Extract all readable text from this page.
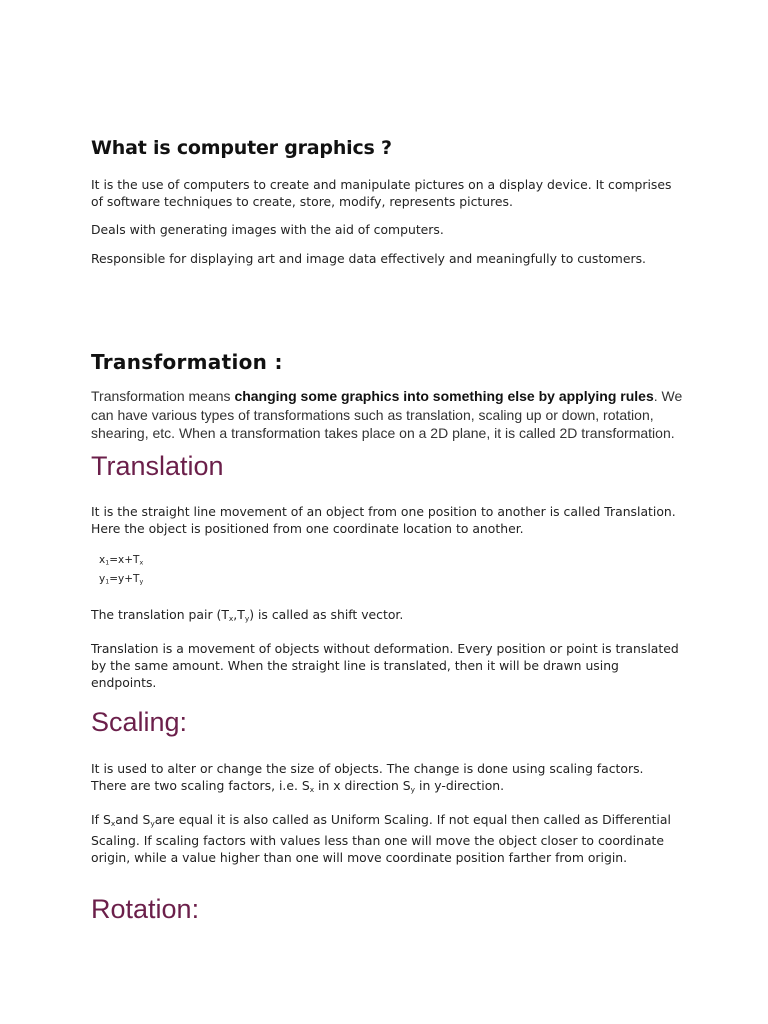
What is computer graphics ?

It is the use of computers to create and manipulate pictures on a display device. It comprises of software techniques to create, store, modify, represents pictures.

Deals with generating images with the aid of computers.

Responsible for displaying art and image data effectively and meaningfully to customers.

Transformation :

Transformation means changing some graphics into something else by applying rules. We can have various types of transformations such as translation, scaling up or down, rotation, shearing, etc. When a transformation takes place on a 2D plane, it is called 2D transformation.

Translation

It is the straight line movement of an object from one position to another is called Translation. Here the object is positioned from one coordinate location to another.

$x_1=x+T_x$
$y_1=y+T_y$

The translation pair $(T_x,T_y)$ is called as shift vector.

Translation is a movement of objects without deformation. Every position or point is translated by the same amount. When the straight line is translated, then it will be drawn using endpoints.

Scaling:

It is used to alter or change the size of objects. The change is done using scaling factors. There are two scaling factors, i.e. $S_x$ in x direction $S_y$ in y-direction.

If $S_xand$ $S_yare$ equal it is also called as Uniform Scaling. If not equal then called as Differential Scaling. If scaling factors with values less than one will move the object closer to coordinate origin, while a value higher than one will move coordinate position farther from origin.

Rotation:
